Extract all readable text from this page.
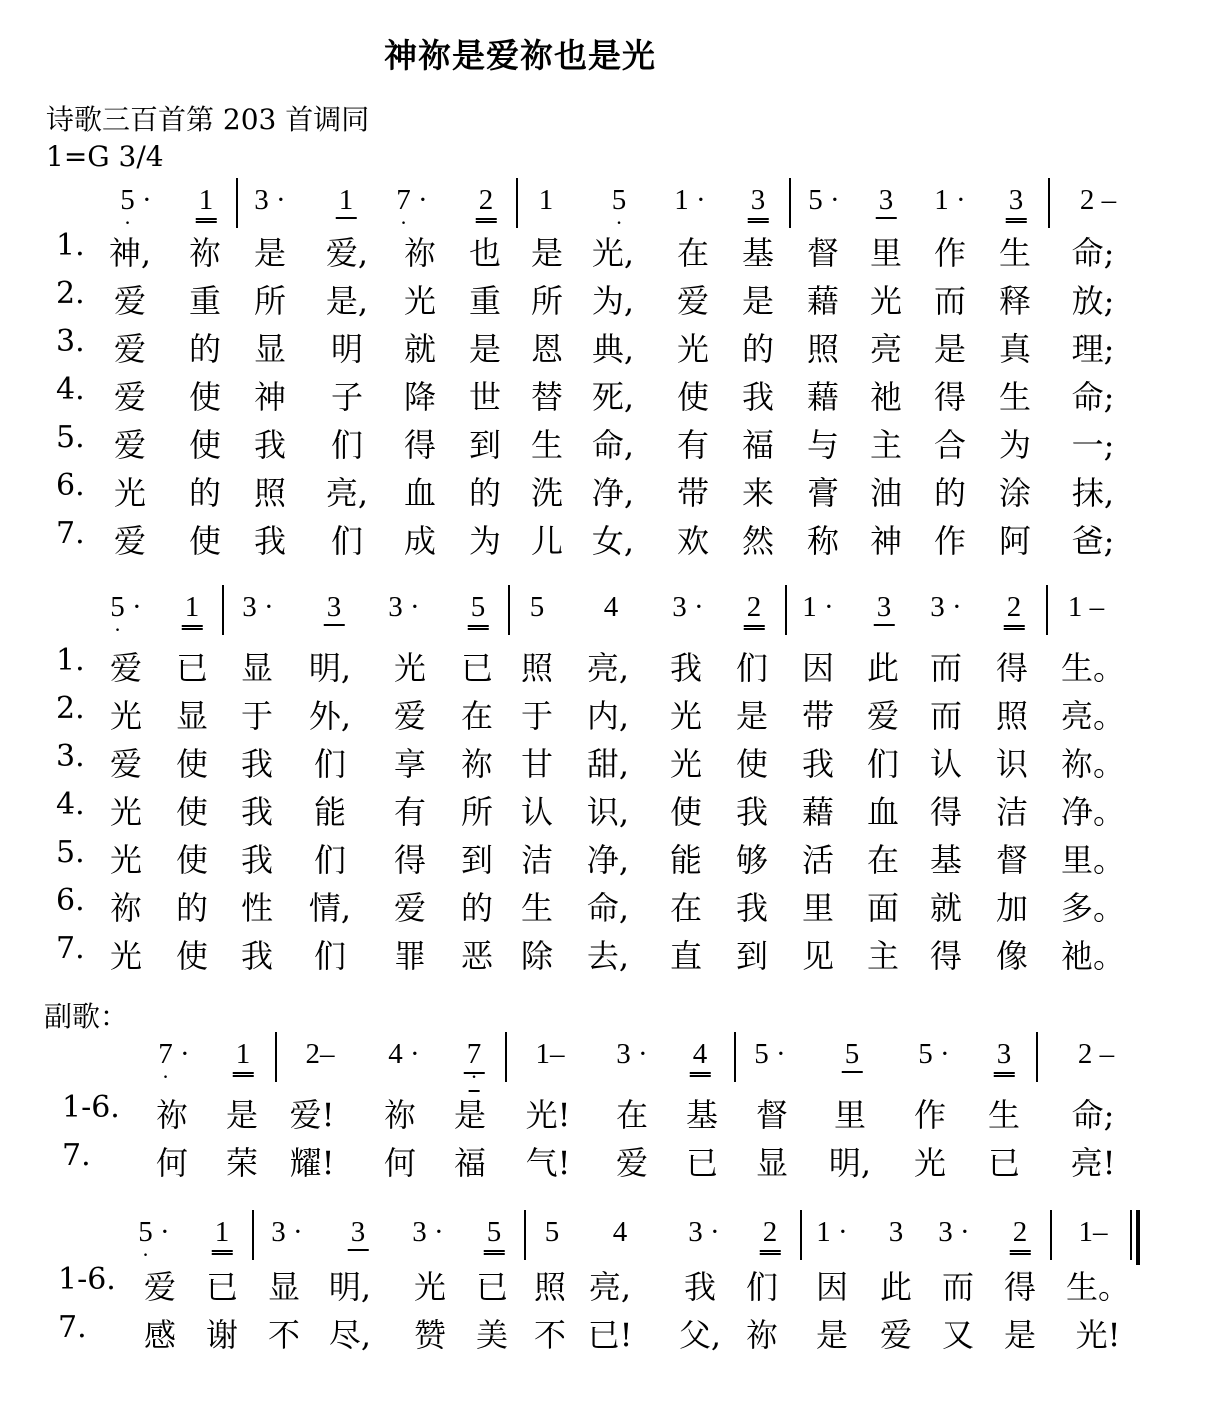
神祢是爱祢也是光
诗歌三百首第 203 首调同
1=G 3/4
副歌：
5 · · 1 3 · 1 7 · · 2 1 5 · 1 · 3 5 · 3 1 · 3 2 –
1. 神, 祢 是 爱, 祢 也 是 光, 在 基 督 里 作 生 命;
2. 爱 重 所 是, 光 重 所 为, 爱 是 藉 光 而 释 放;
3. 爱 的 显 明 就 是 恩 典, 光 的 照 亮 是 真 理;
4. 爱 使 神 子 降 世 替 死, 使 我 藉 祂 得 生 命;
5. 爱 使 我 们 得 到 生 命, 有 福 与 主 合 为 一;
6. 光 的 照 亮, 血 的 洗 净, 带 来 膏 油 的 涂 抹,
7. 爱 使 我 们 成 为 儿 女, 欢 然 称 神 作 阿 爸;
5 · · 1 3 · 3 3 · 5 5 4 3 · 2 1 · 3 3 · 2 1 –
1. 爱 已 显 明, 光 已 照 亮, 我 们 因 此 而 得 生。
2. 光 显 于 外, 爱 在 于 内, 光 是 带 爱 而 照 亮。
3. 爱 使 我 们 享 祢 甘 甜, 光 使 我 们 认 识 祢。
4. 光 使 我 能 有 所 认 识, 使 我 藉 血 得 洁 净。
5. 光 使 我 们 得 到 洁 净, 能 够 活 在 基 督 里。
6. 祢 的 性 情, 爱 的 生 命, 在 我 里 面 就 加 多。
7. 光 使 我 们 罪 恶 除 去, 直 到 见 主 得 像 祂。
7 · · 1 2– 4 · 7 · 1– 3 · 4 5 · 5 5 · 3 2 –
1-6. 祢 是 爱! 祢 是 光! 在 基 督 里 作 生 命;
7. 何 荣 耀! 何 福 气! 爱 已 显 明, 光 已 亮!
5 · · 1 3 · 3 3 · 5 5 4 3 · 2 1 · 3 3 · 2 1–
1-6. 爱 已 显 明, 光 已 照 亮, 我 们 因 此 而 得 生。
7. 感 谢 不 尽, 赞 美 不 已! 父, 祢 是 爱 又 是 光!
